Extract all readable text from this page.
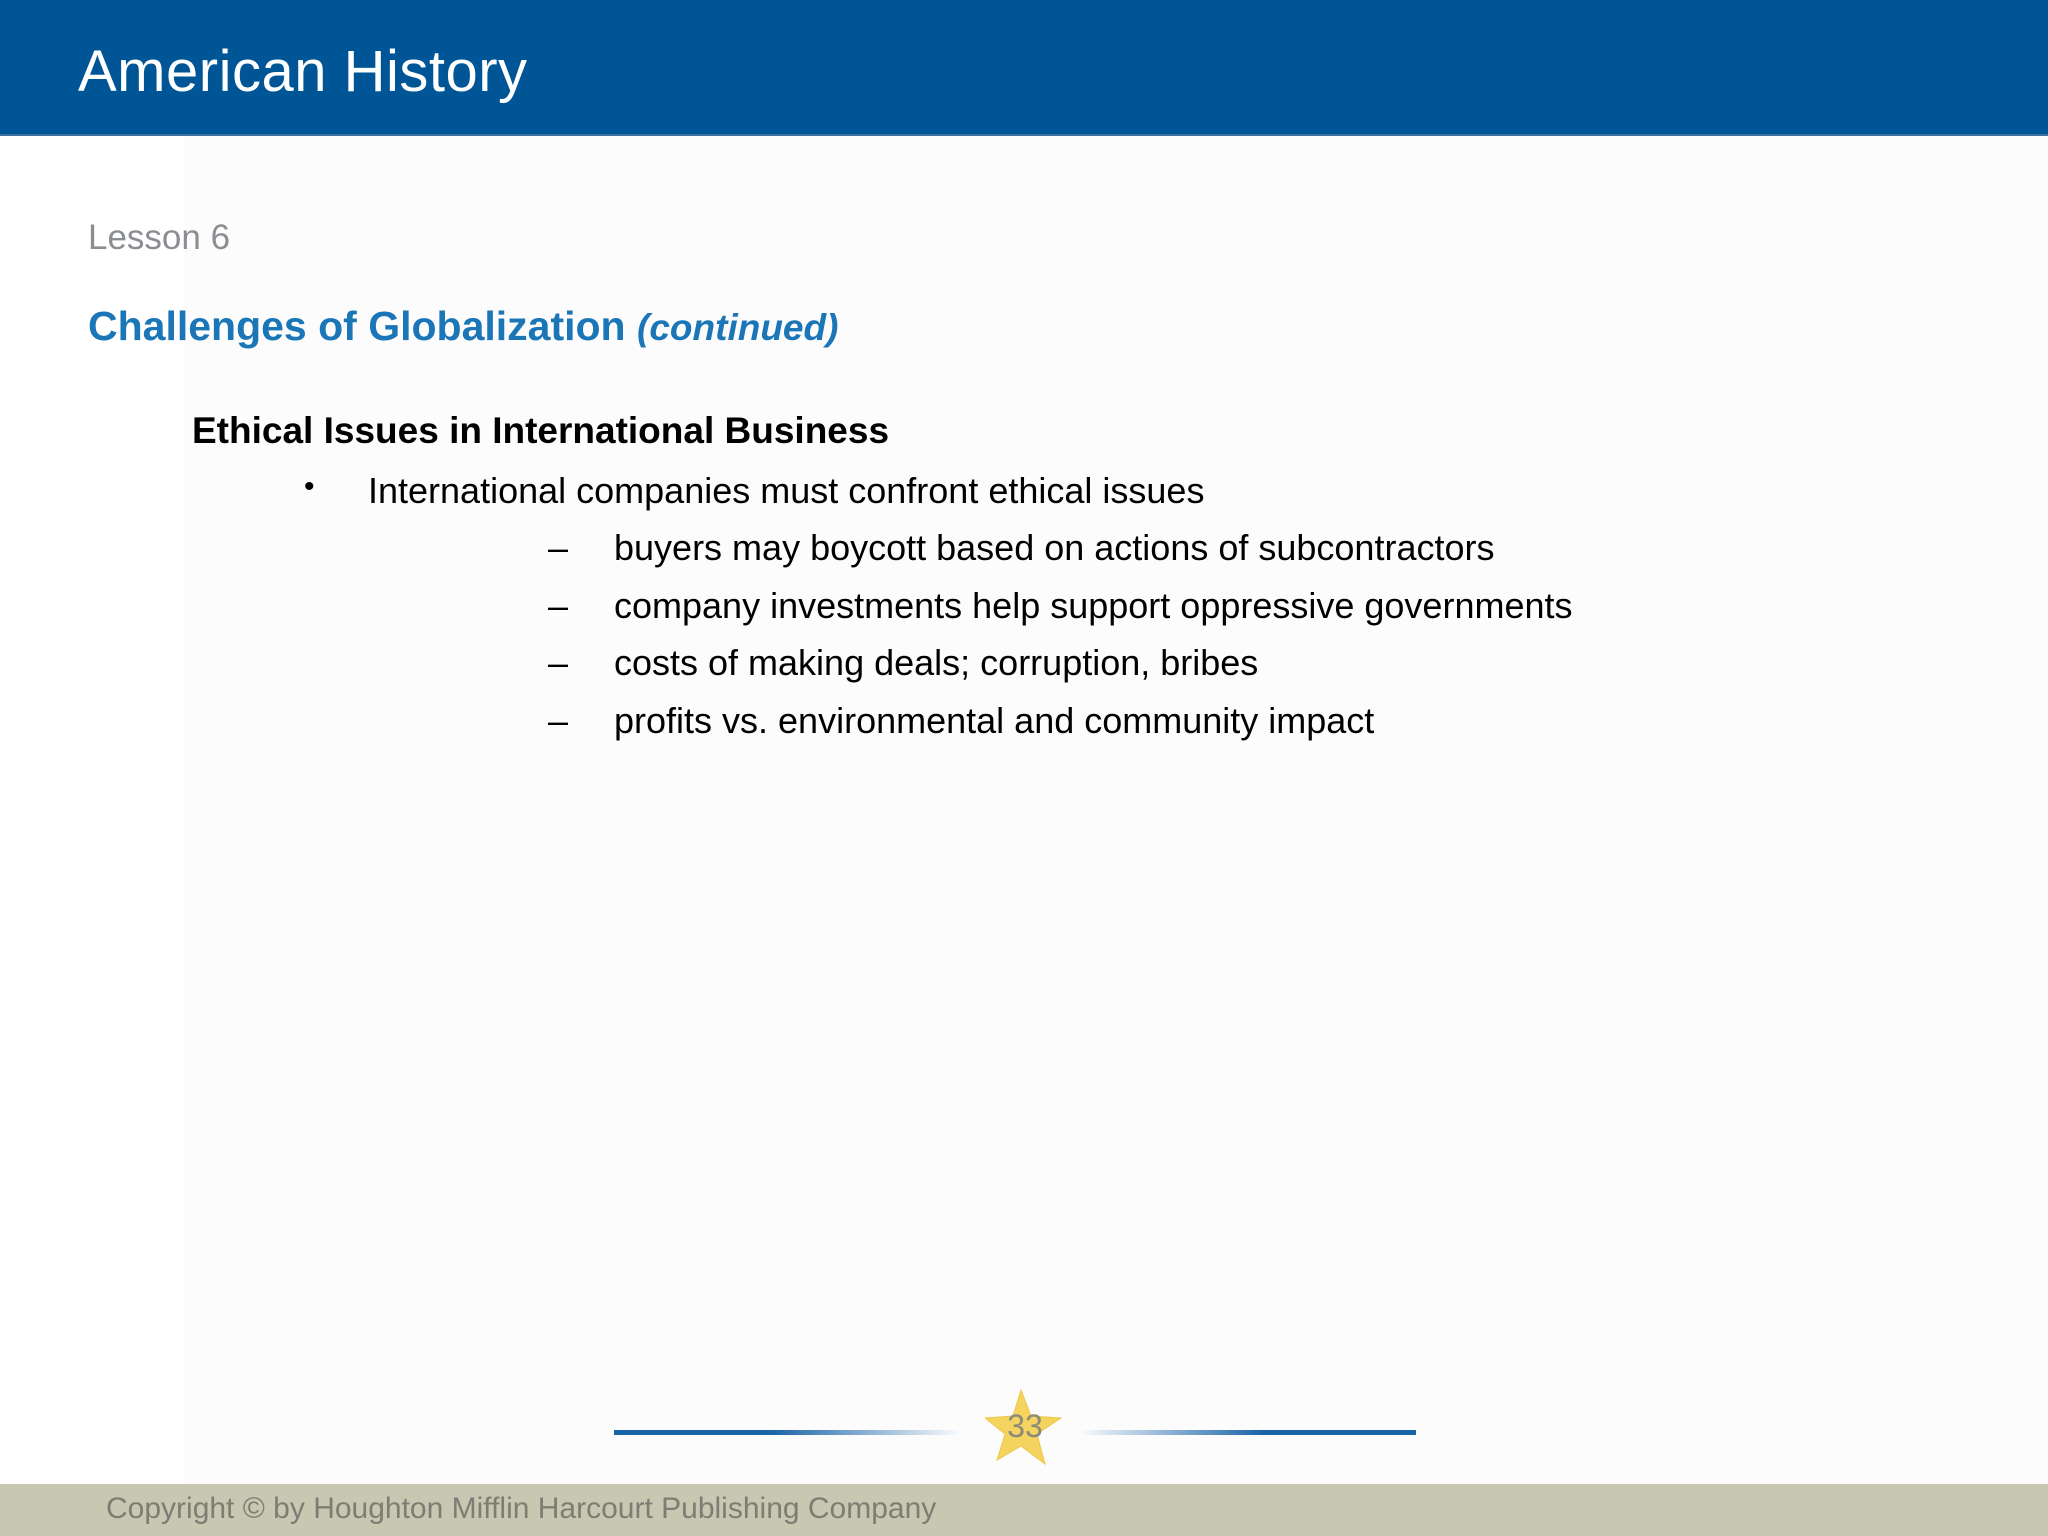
American History
Lesson 6
Challenges of Globalization (continued)
Ethical Issues in International Business
• International companies must confront ethical issues
– buyers may boycott based on actions of subcontractors
– company investments help support oppressive governments
– costs of making deals; corruption, bribes
– profits vs. environmental and community impact
33
Copyright © by Houghton Mifflin Harcourt Publishing Company
